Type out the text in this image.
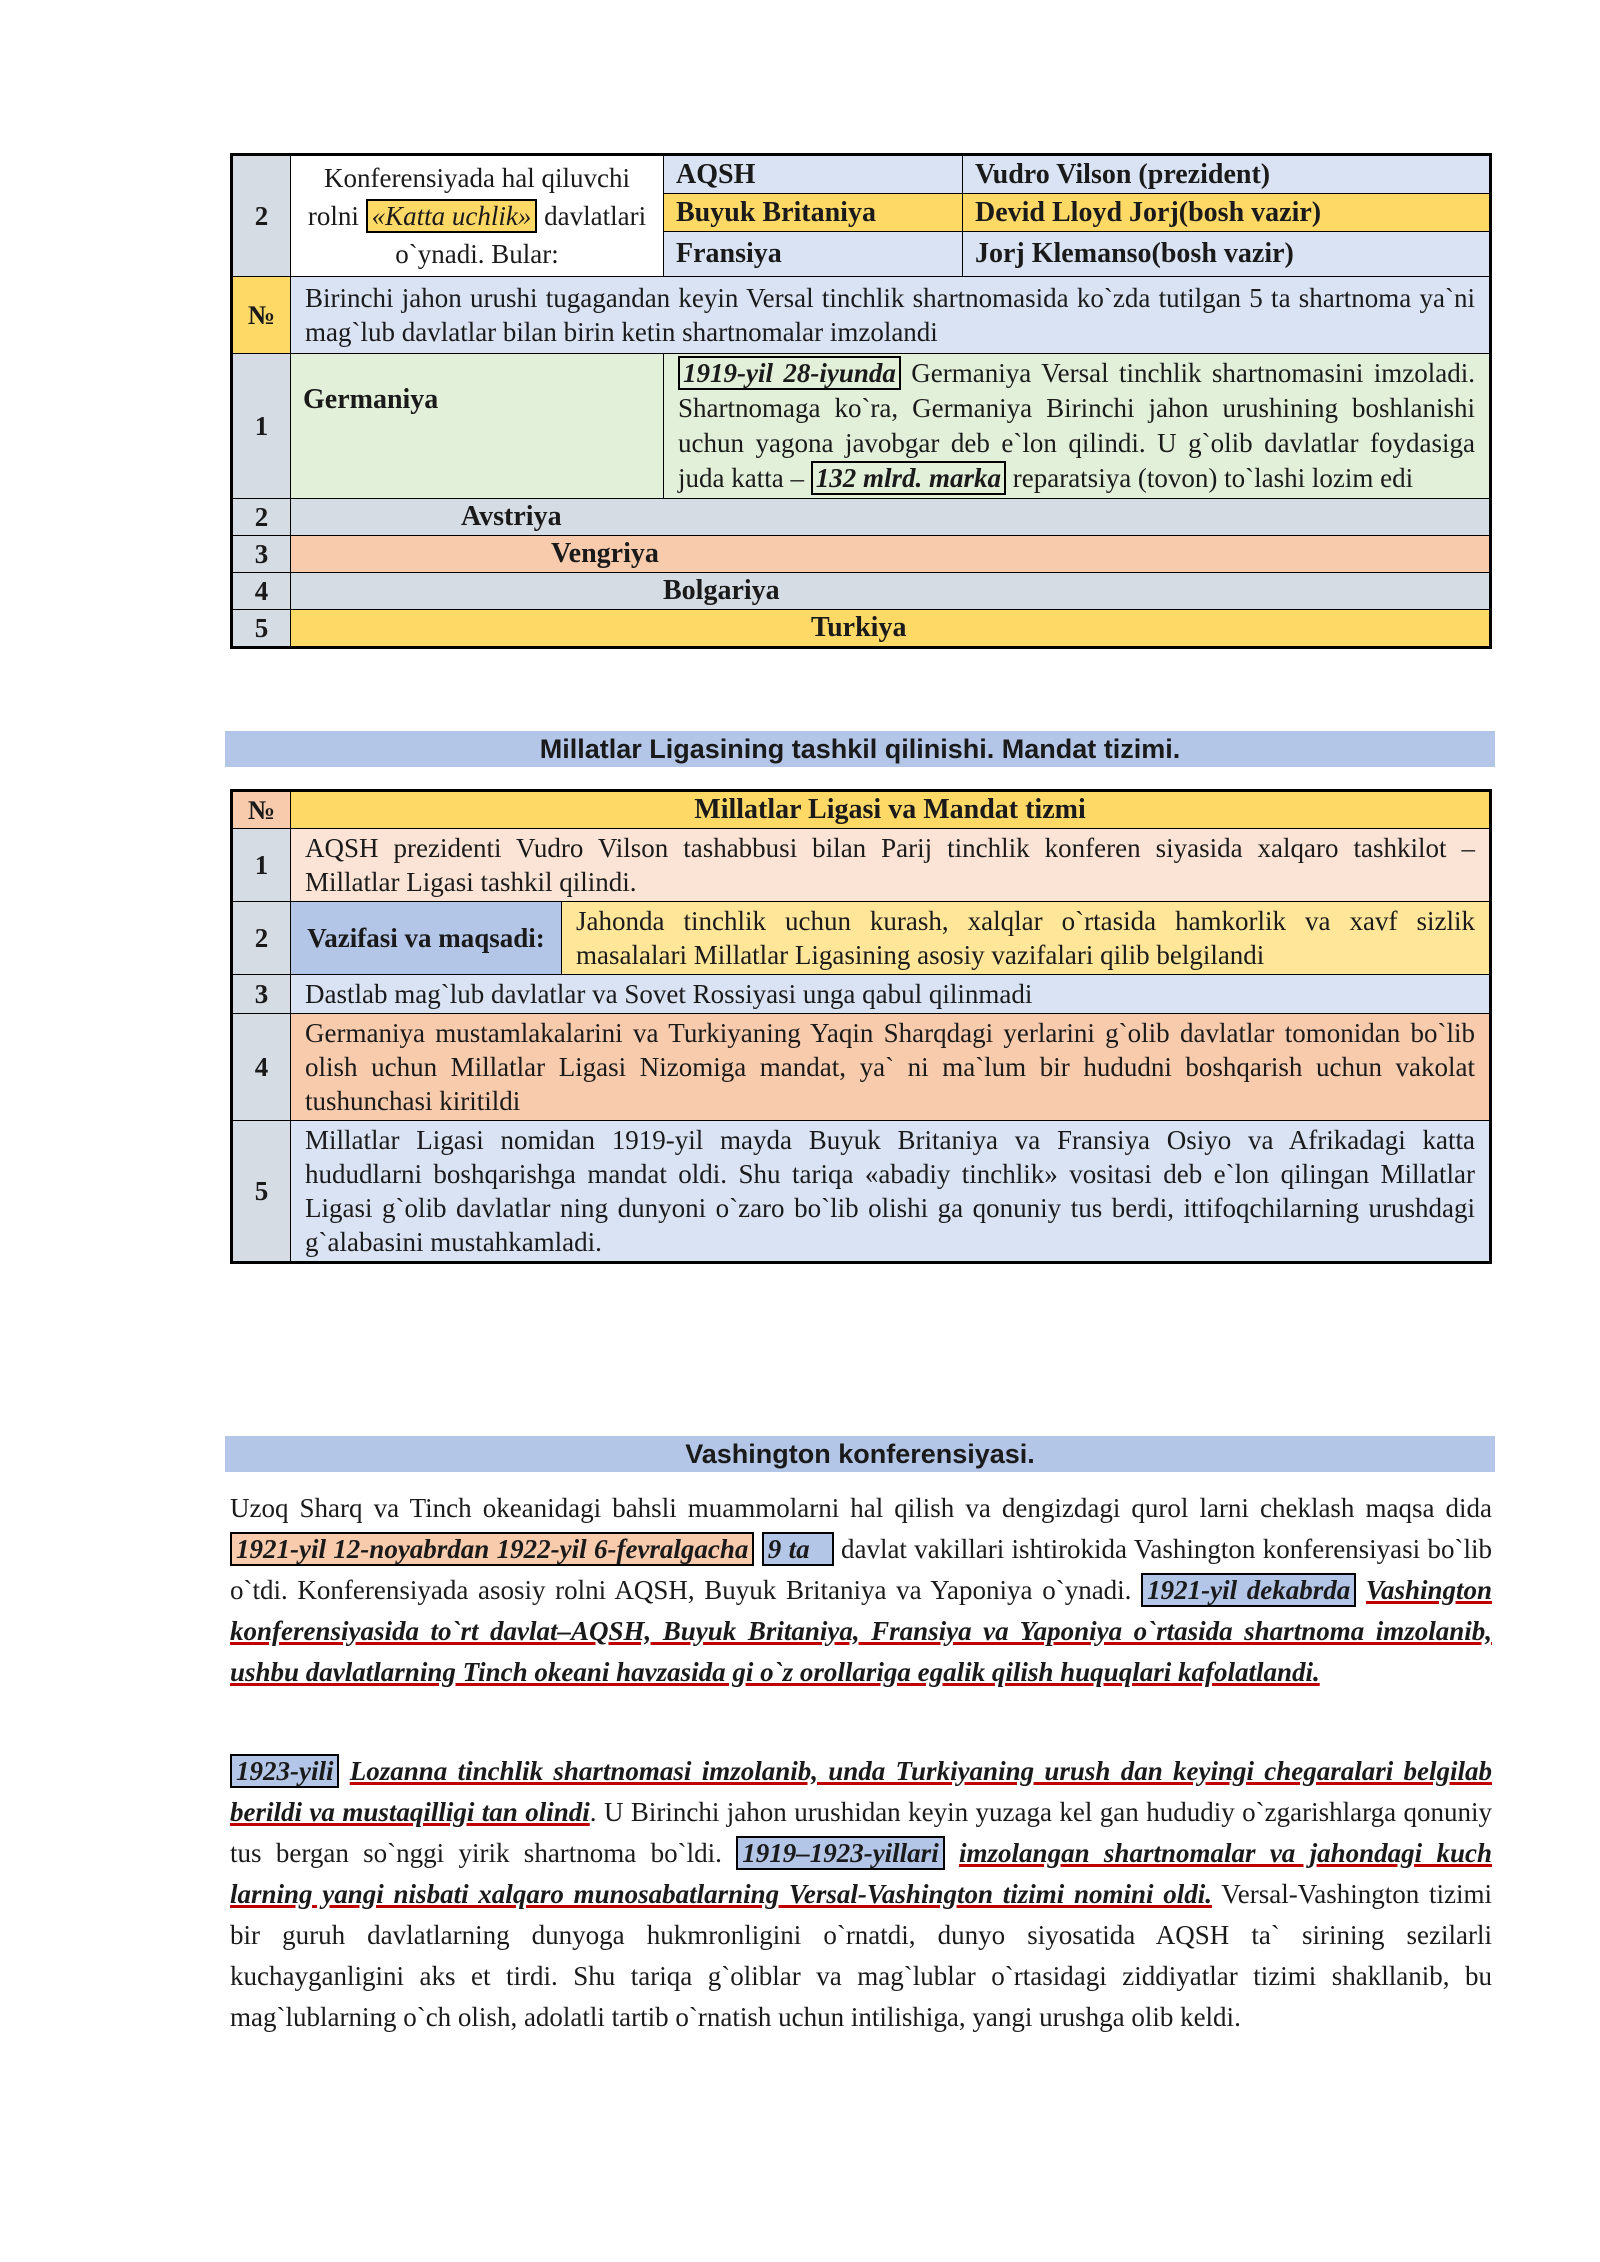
2	Konferensiyada hal qiluvchi rolni «Katta uchlik» davlatlari o`ynadi. Bular:	AQSH	Vudro Vilson (prezident)
		Buyuk Britaniya	Devid Lloyd Jorj(bosh vazir)
		Fransiya	Jorj Klemanso(bosh vazir)
№	Birinchi jahon urushi tugagandan keyin Versal tinchlik shartnomasida ko`zda tutilgan 5 ta shartnoma ya`ni mag`lub davlatlar bilan birin ketin shartnomalar imzolandi		
1	Germaniya	1919-yil 28-iyunda Germaniya Versal tinchlik shartnomasini imzoladi. Shartnomaga ko`ra, Germaniya Birinchi jahon urushining boshlanishi uchun yagona javobgar deb e`lon qilindi. U g`olib davlatlar foydasiga juda katta – 132 mlrd. marka reparatsiya (tovon) to`lashi lozim edi	
2	Avstriya		
3	Vengriya		
4	Bolgariya		
5	Turkiya		
Millatlar Ligasining tashkil qilinishi. Mandat tizimi.
№	Millatlar Ligasi va Mandat tizmi	
1	AQSH prezidenti Vudro Vilson tashabbusi bilan Parij tinchlik konferen siyasida xalqaro tashkilot – Millatlar Ligasi tashkil qilindi.	
2	Vazifasi va maqsadi:	Jahonda tinchlik uchun kurash, xalqlar o`rtasida hamkorlik va xavf sizlik masalalari Millatlar Ligasining asosiy vazifalari qilib belgilandi
3	Dastlab mag`lub davlatlar va Sovet Rossiyasi unga qabul qilinmadi	
4	Germaniya mustamlakalarini va Turkiyaning Yaqin Sharqdagi yerlarini g`olib davlatlar tomonidan bo`lib olish uchun Millatlar Ligasi Nizomiga mandat, ya` ni ma`lum bir hududni boshqarish uchun vakolat tushunchasi kiritildi	
5	Millatlar Ligasi nomidan 1919-yil mayda Buyuk Britaniya va Fransiya Osiyo va Afrikadagi katta hududlarni boshqarishga mandat oldi. Shu tariqa «abadiy tinchlik» vositasi deb e`lon qilingan Millatlar Ligasi g`olib davlatlar ning dunyoni o`zaro bo`lib olishi ga qonuniy tus berdi, ittifoqchilarning urushdagi g`alabasini mustahkamladi.	
Vashington konferensiyasi.
Uzoq Sharq va Tinch okeanidagi bahsli muammolarni hal qilish va dengizdagi qurol larni cheklash maqsa dida 1921-yil 12-noyabrdan 1922-yil 6-fevralgacha 9 ta davlat vakillari ishtirokida Vashington konferensiyasi bo`lib o`tdi. Konferensiyada asosiy rolni AQSH, Buyuk Britaniya va Yaponiya o`ynadi. 1921-yil dekabrda Vashington konferensiyasida to`rt davlat–AQSH, Buyuk Britaniya, Fransiya va Yaponiya o`rtasida shartnoma imzolanib, ushbu davlatlarning Tinch okeani havzasida gi o`z orollariga egalik qilish huquqlari kafolatlandi.
1923-yili Lozanna tinchlik shartnomasi imzolanib, unda Turkiyaning urush dan keyingi chegaralari belgilab berildi va mustaqilligi tan olindi. U Birinchi jahon urushidan keyin yuzaga kel gan hududiy o`zgarishlarga qonuniy tus bergan so`nggi yirik shartnoma bo`ldi. 1919–1923-yillari imzolangan shartnomalar va jahondagi kuch larning yangi nisbati xalqaro munosabatlarning Versal-Vashington tizimi nomini oldi. Versal-Vashington tizimi bir guruh davlatlarning dunyoga hukmronligini o`rnatdi, dunyo siyosatida AQSH ta` sirining sezilarli kuchayganligini aks et tirdi. Shu tariqa g`oliblar va mag`lublar o`rtasidagi ziddiyatlar tizimi shakllanib, bu mag`lublarning o`ch olish, adolatli tartib o`rnatish uchun intilishiga, yangi urushga olib keldi.
